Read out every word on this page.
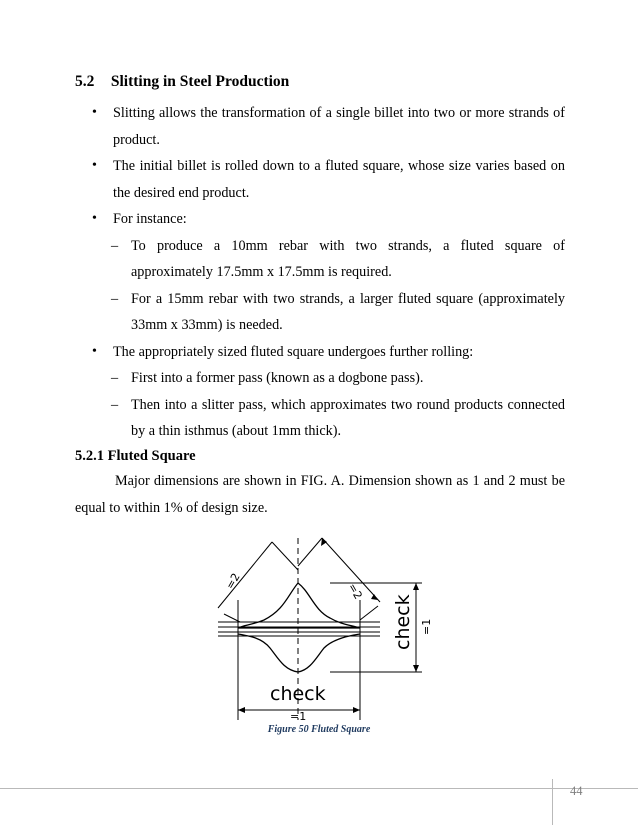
5.2 Slitting in Steel Production
• Slitting allows the transformation of a single billet into two or more strands of product.
• The initial billet is rolled down to a fluted square, whose size varies based on the desired end product.
• For instance:
– To produce a 10mm rebar with two strands, a fluted square of approximately 17.5mm x 17.5mm is required.
– For a 15mm rebar with two strands, a larger fluted square (approximately 33mm x 33mm) is needed.
• The appropriately sized fluted square undergoes further rolling:
– First into a former pass (known as a dogbone pass).
– Then into a slitter pass, which approximates two round products connected by a thin isthmus (about 1mm thick).
5.2.1 Fluted Square
Major dimensions are shown in FIG. A. Dimension shown as 1 and 2 must be equal to within 1% of design size.
check
=1
check =1
=2	=2
Figure 50 Fluted Square
44
